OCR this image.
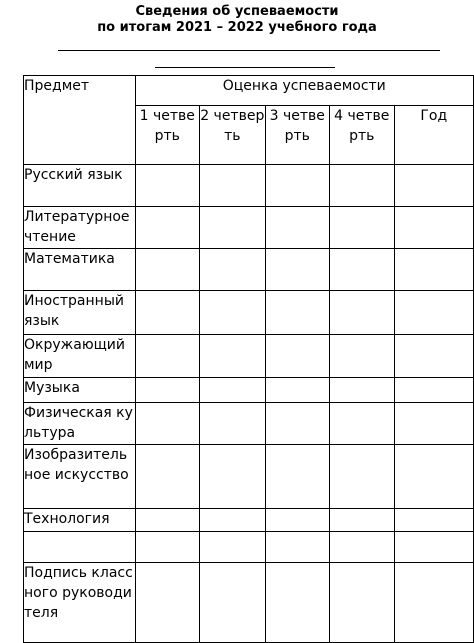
Сведения об успеваемости
по итогам 2021 – 2022 учебного года
Предмет	Оценка успеваемости				
	1 четверть	2 четверть	3 четверть	4 четверть	Год
Русский язык					
Литературное чтение					
Математика					
Иностранный язык					
Окружающий мир					
Музыка					
Физическая культура					
Изобразительное искусство					
Технология					

Подпись классного руководителя					
